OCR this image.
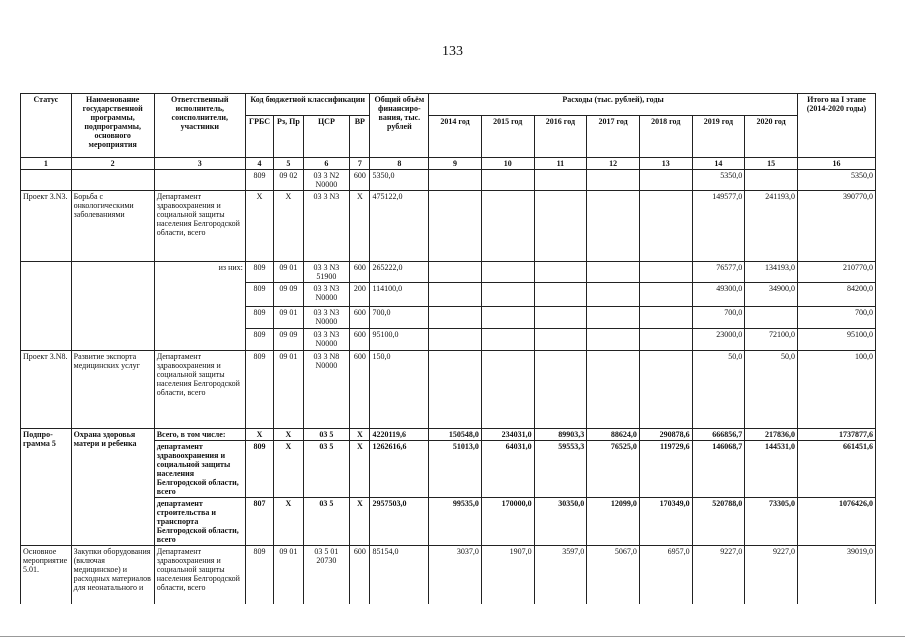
133
Статус	Наименование государственной программы, подпрограммы, основного мероприятия	Ответственный исполнитель, соисполнители, участники	Код бюджетной классификации				Общий объём финансиро-вания, тыс. рублей	Расходы (тыс. рублей), годы							Итого на I этапе (2014-2020 годы)
			ГРБС	Рз, Пр	ЦСР	ВР		2014 год	2015 год	2016 год	2017 год	2018 год	2019 год	2020 год	
1	2	3	4	5	6	7	8	9	10	11	12	13	14	15	16
			809	09 02	03 3 N2 N0000	600	5350,0						5350,0		5350,0
Проект 3.N3.	Борьба с онкологическими заболеваниями	Департамент здравоохранения и социальной защиты населения Белгородской области, всего	Х	Х	03 3 N3	Х	475122,0						149577,0	241193,0	390770,0
		из них:	809	09 01	03 3 N3 51900	600	265222,0						76577,0	134193,0	210770,0
			809	09 09	03 3 N3 N0000	200	114100,0						49300,0	34900,0	84200,0
			809	09 01	03 3 N3 N0000	600	700,0						700,0		700,0
			809	09 09	03 3 N3 N0000	600	95100,0						23000,0	72100,0	95100,0
Проект 3.N8.	Развитие экспорта медицинских услуг	Департамент здравоохранения и социальной защиты населения Белгородской области, всего	809	09 01	03 3 N8 N0000	600	150,0						50,0	50,0	100,0
Подпро-грамма 5	Охрана здоровья матери и ребенка	Всего, в том числе:	Х	Х	03 5	Х	4220119,6	150548,0	234031,0	89903,3	88624,0	290878,6	666856,7	217836,0	1737877,6
		департамент здравоохранения и социальной защиты населения Белгородской области, всего	809	Х	03 5	Х	1262616,6	51013,0	64031,0	59553,3	76525,0	119729,6	146068,7	144531,0	661451,6
		департамент строительства и транспорта Белгородской области, всего	807	Х	03 5	Х	2957503,0	99535,0	170000,0	30350,0	12099,0	170349,0	520788,0	73305,0	1076426,0
Основное мероприятие 5.01.	Закупки оборудования (включая медицинское) и расходных материалов для неонатального и	Департамент здравоохранения и социальной защиты населения Белгородской области, всего	809	09 01	03 5 01 20730	600	85154,0	3037,0	1907,0	3597,0	5067,0	6957,0	9227,0	9227,0	39019,0
